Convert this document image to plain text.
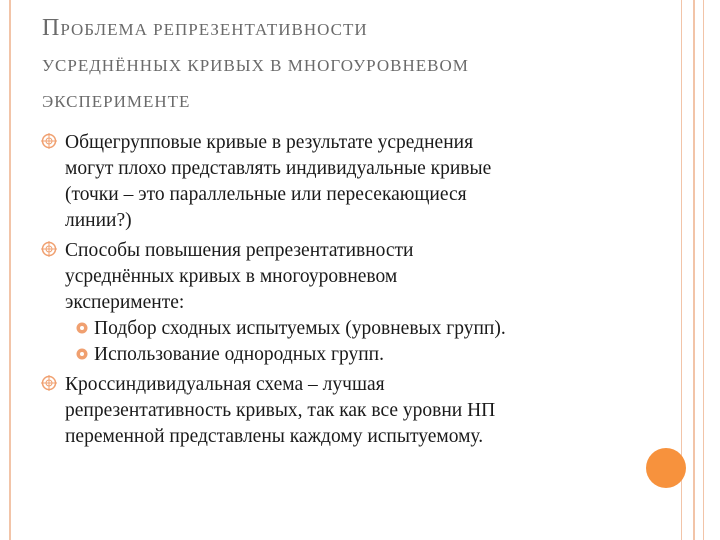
ПРОБЛЕМА РЕПРЕЗЕНТАТИВНОСТИ
УСРЕДНЁННЫХ КРИВЫХ В МНОГОУРОВНЕВОМ
ЭКСПЕРИМЕНТЕ
Общегрупповые кривые в результате усреднения
могут плохо представлять индивидуальные кривые
(точки – это параллельные или пересекающиеся
линии?)
Способы повышения репрезентативности
усреднённых кривых в многоуровневом
эксперименте:
Подбор сходных испытуемых (уровневых групп).
Использование однородных групп.
Кроссиндивидуальная схема – лучшая
репрезентативность кривых, так как все уровни НП
переменной представлены каждому испытуемому.
